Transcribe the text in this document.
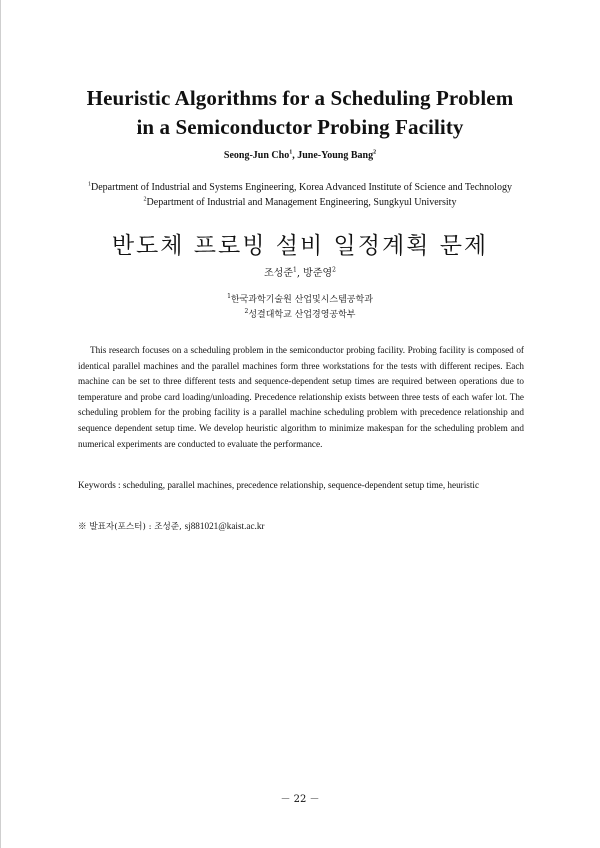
Heuristic Algorithms for a Scheduling Problem
in a Semiconductor Probing Facility
Seong-Jun Cho$^1$, June-Young Bang$^2$
$^1$Department of Industrial and Systems Engineering, Korea Advanced Institute of Science and Technology
$^2$Department of Industrial and Management Engineering, Sungkyul University
반도체 프로빙 설비 일정계획 문제
조성준$^1$, 방준영$^2$
$^1$한국과학기술원 산업및시스템공학과
$^2$성결대학교 산업경영공학부
This research focuses on a scheduling problem in the semiconductor probing facility. Probing facility is composed of identical parallel machines and the parallel machines form three workstations for the tests with different recipes. Each machine can be set to three different tests and sequence-dependent setup times are required between operations due to temperature and probe card loading/unloading. Precedence relationship exists between three tests of each wafer lot. The scheduling problem for the probing facility is a parallel machine scheduling problem with precedence relationship and sequence dependent setup time. We develop heuristic algorithm to minimize makespan for the scheduling problem and numerical experiments are conducted to evaluate the performance.
Keywords : scheduling, parallel machines, precedence relationship, sequence-dependent setup time, heuristic
※ 발표자(포스터) : 조성준, sj881021@kaist.ac.kr
－ 22 －
